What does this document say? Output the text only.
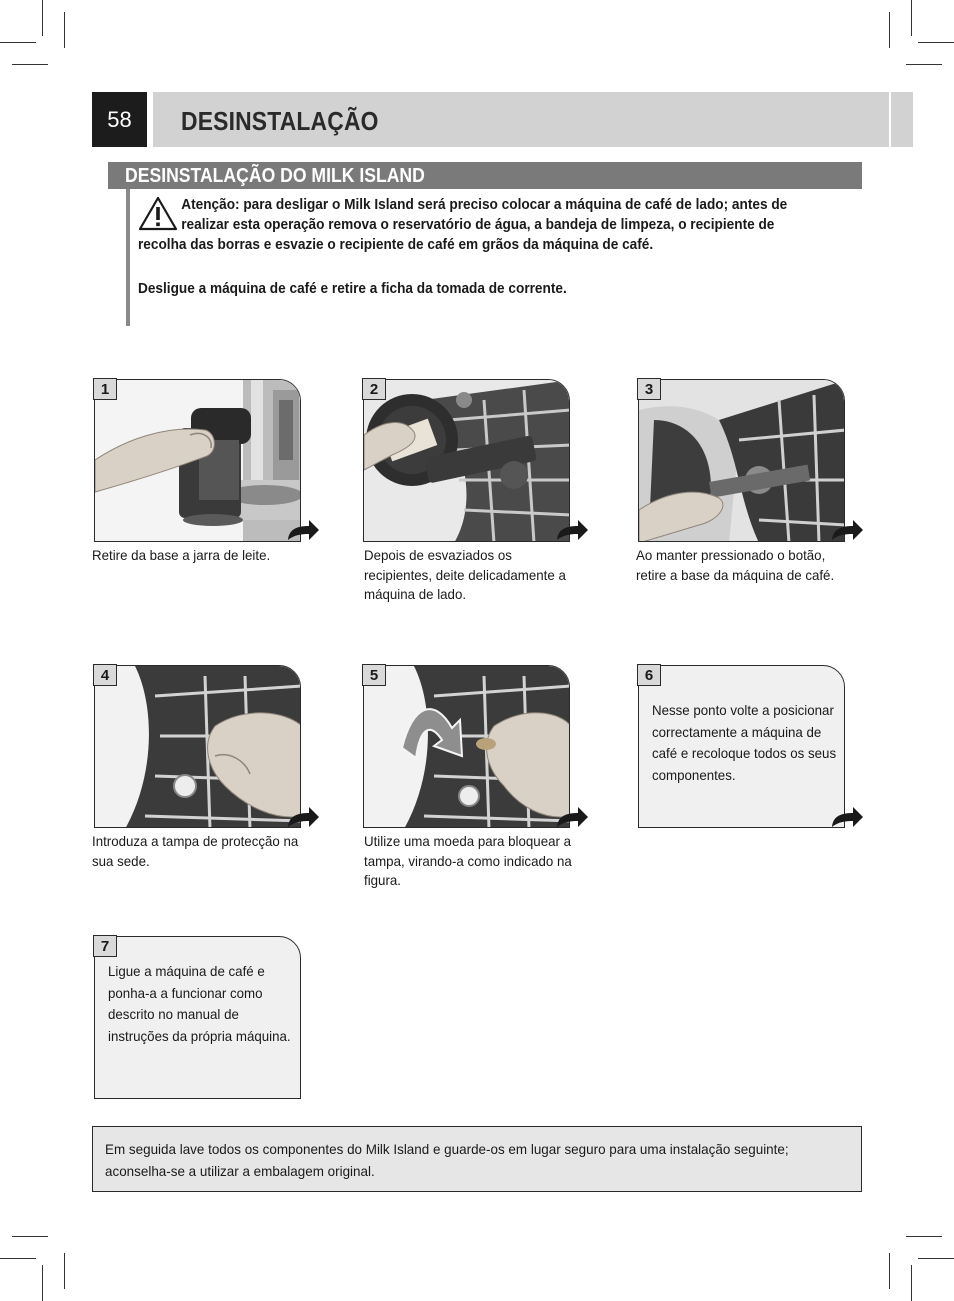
58	DESINSTALAÇÃO
DESINSTALAÇÃO DO MILK ISLAND
Atenção: para desligar o Milk Island será preciso colocar a máquina de café de lado; antes de realizar esta operação remova o reservatório de água, a bandeja de limpeza, o recipiente de recolha das borras e esvazie o recipiente de café em grãos da máquina de café.
Desligue a máquina de café e retire a ficha da tomada de corrente.
1
Retire da base a jarra de leite.
2
Depois de esvaziados os recipientes, deite delicadamente a máquina de lado.
3
Ao manter pressionado o botão, retire a base da máquina de café.
4
Introduza a tampa de protecção na sua sede.
5
Utilize uma moeda para bloquear a tampa, virando-a como indicado na figura.
Nesse ponto volte a posicionar correctamente a máquina de café e recoloque todos os seus componentes.
6
Ligue a máquina de café e ponha-a a funcionar como descrito no manual de instruções da própria máquina.
7
Em seguida lave todos os componentes do Milk Island e guarde-os em lugar seguro para uma instalação seguinte; aconselha-se a utilizar a embalagem original.
